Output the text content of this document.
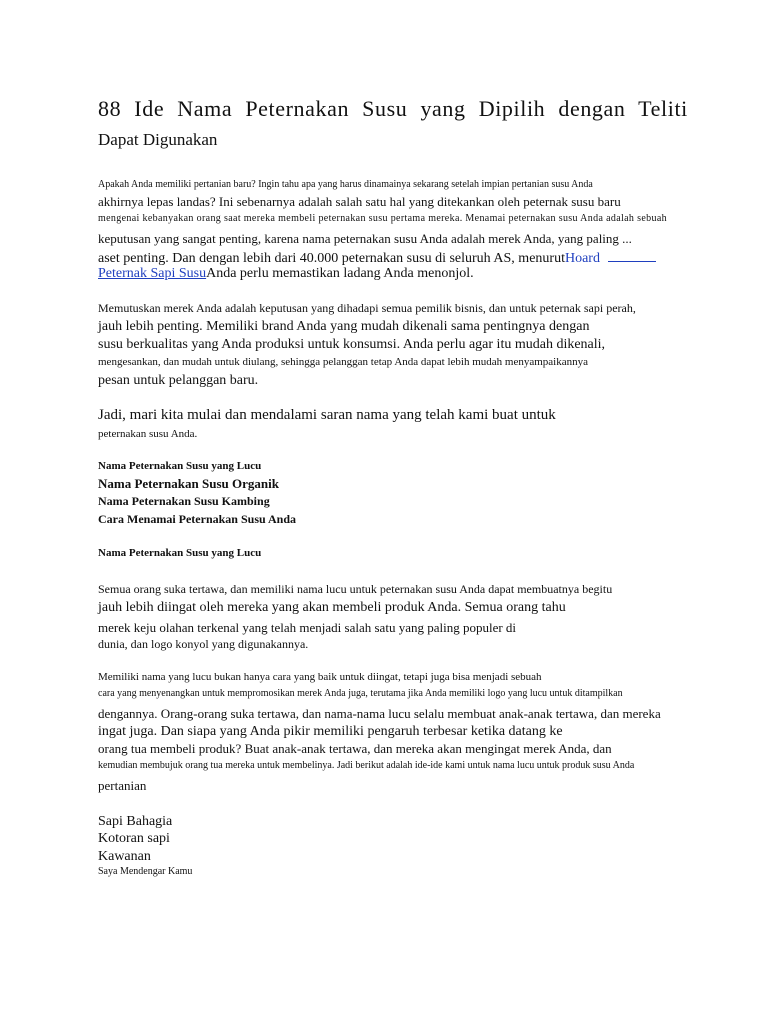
88 Ide Nama Peternakan Susu yang Dipilih dengan Teliti
Dapat Digunakan
Apakah Anda memiliki pertanian baru? Ingin tahu apa yang harus dinamainya sekarang setelah impian pertanian susu Anda
akhirnya lepas landas? Ini sebenarnya adalah salah satu hal yang ditekankan oleh peternak susu baru
mengenai kebanyakan orang saat mereka membeli peternakan susu pertama mereka. Menamai peternakan susu Anda adalah sebuah
keputusan yang sangat penting, karena nama peternakan susu Anda adalah merek Anda, yang paling ...
aset penting. Dan dengan lebih dari 40.000 peternakan susu di seluruh AS, menurutHoard
Peternak Sapi SusuAnda perlu memastikan ladang Anda menonjol.
Memutuskan merek Anda adalah keputusan yang dihadapi semua pemilik bisnis, dan untuk peternak sapi perah,
jauh lebih penting. Memiliki brand Anda yang mudah dikenali sama pentingnya dengan
susu berkualitas yang Anda produksi untuk konsumsi. Anda perlu agar itu mudah dikenali,
mengesankan, dan mudah untuk diulang, sehingga pelanggan tetap Anda dapat lebih mudah menyampaikannya
pesan untuk pelanggan baru.
Jadi, mari kita mulai dan mendalami saran nama yang telah kami buat untuk
peternakan susu Anda.
Nama Peternakan Susu yang Lucu
Nama Peternakan Susu Organik
Nama Peternakan Susu Kambing
Cara Menamai Peternakan Susu Anda
Nama Peternakan Susu yang Lucu
Semua orang suka tertawa, dan memiliki nama lucu untuk peternakan susu Anda dapat membuatnya begitu
jauh lebih diingat oleh mereka yang akan membeli produk Anda. Semua orang tahu
merek keju olahan terkenal yang telah menjadi salah satu yang paling populer di
dunia, dan logo konyol yang digunakannya.
Memiliki nama yang lucu bukan hanya cara yang baik untuk diingat, tetapi juga bisa menjadi sebuah
cara yang menyenangkan untuk mempromosikan merek Anda juga, terutama jika Anda memiliki logo yang lucu untuk ditampilkan
dengannya. Orang-orang suka tertawa, dan nama-nama lucu selalu membuat anak-anak tertawa, dan mereka
ingat juga. Dan siapa yang Anda pikir memiliki pengaruh terbesar ketika datang ke
orang tua membeli produk? Buat anak-anak tertawa, dan mereka akan mengingat merek Anda, dan
kemudian membujuk orang tua mereka untuk membelinya. Jadi berikut adalah ide-ide kami untuk nama lucu untuk produk susu Anda
pertanian
Sapi Bahagia
Kotoran sapi
Kawanan
Saya Mendengar Kamu
